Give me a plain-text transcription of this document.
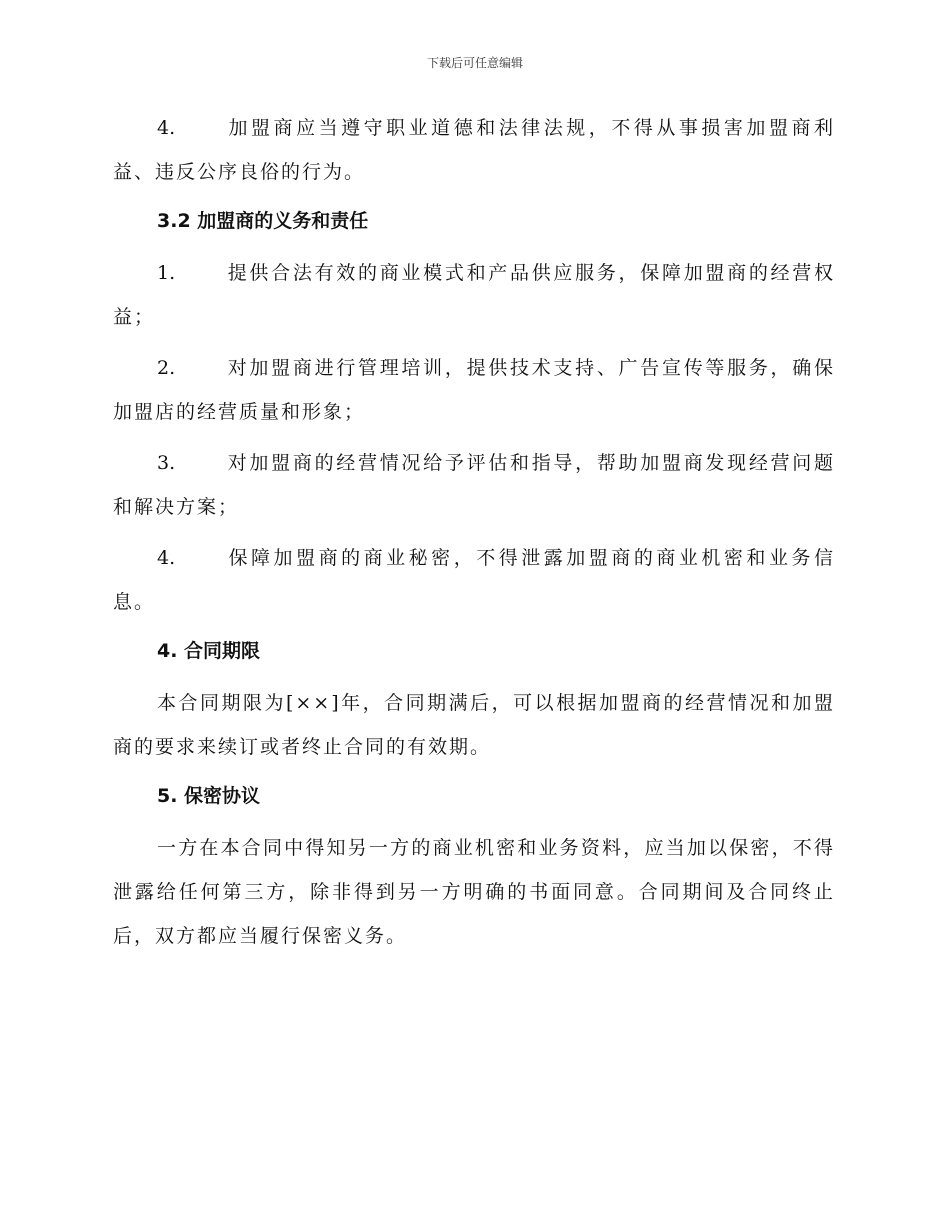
下载后可任意编辑

4.	加盟商应当遵守职业道德和法律法规，不得从事损害加盟商利益、违反公序良俗的行为。

3.2 加盟商的义务和责任

1.	提供合法有效的商业模式和产品供应服务，保障加盟商的经营权益；

2.	对加盟商进行管理培训，提供技术支持、广告宣传等服务，确保加盟店的经营质量和形象；

3.	对加盟商的经营情况给予评估和指导，帮助加盟商发现经营问题和解决方案；

4.	保障加盟商的商业秘密，不得泄露加盟商的商业机密和业务信息。

4. 合同期限

本合同期限为[××]年，合同期满后，可以根据加盟商的经营情况和加盟商的要求来续订或者终止合同的有效期。

5. 保密协议

一方在本合同中得知另一方的商业机密和业务资料，应当加以保密，不得泄露给任何第三方，除非得到另一方明确的书面同意。合同期间及合同终止后，双方都应当履行保密义务。
